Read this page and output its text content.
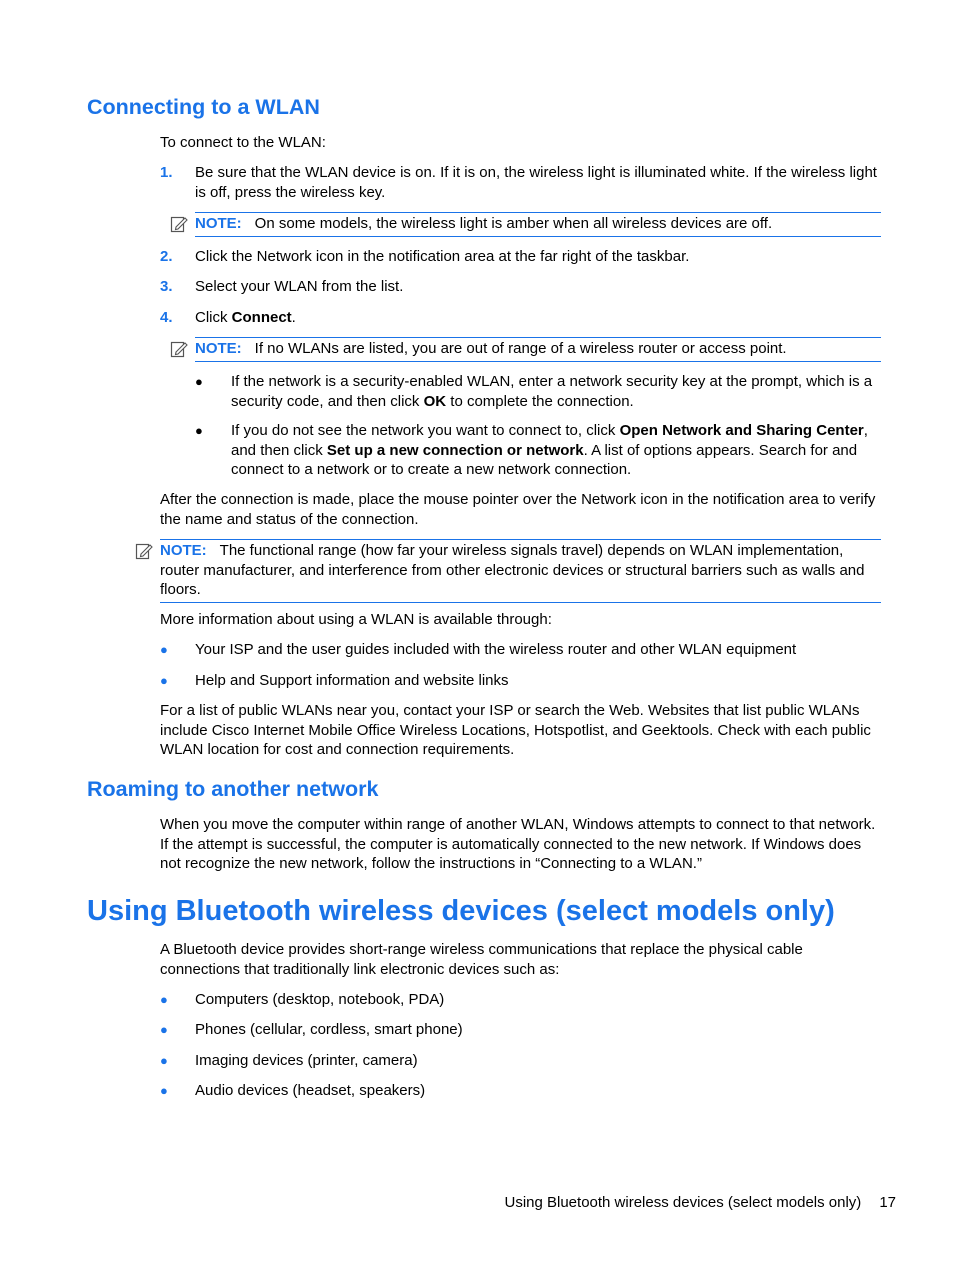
Connecting to a WLAN
To connect to the WLAN:
1.	Be sure that the WLAN device is on. If it is on, the wireless light is illuminated white. If the wireless light is off, press the wireless key.
NOTE: On some models, the wireless light is amber when all wireless devices are off.
2.	Click the Network icon in the notification area at the far right of the taskbar.
3.	Select your WLAN from the list.
4.	Click Connect.
NOTE: If no WLANs are listed, you are out of range of a wireless router or access point.
●	If the network is a security-enabled WLAN, enter a network security key at the prompt, which is a security code, and then click OK to complete the connection.
●	If you do not see the network you want to connect to, click Open Network and Sharing Center, and then click Set up a new connection or network. A list of options appears. Search for and connect to a network or to create a new network connection.
After the connection is made, place the mouse pointer over the Network icon in the notification area to verify the name and status of the connection.
NOTE: The functional range (how far your wireless signals travel) depends on WLAN implementation, router manufacturer, and interference from other electronic devices or structural barriers such as walls and floors.
More information about using a WLAN is available through:
●	Your ISP and the user guides included with the wireless router and other WLAN equipment
●	Help and Support information and website links
For a list of public WLANs near you, contact your ISP or search the Web. Websites that list public WLANs include Cisco Internet Mobile Office Wireless Locations, Hotspotlist, and Geektools. Check with each public WLAN location for cost and connection requirements.
Roaming to another network
When you move the computer within range of another WLAN, Windows attempts to connect to that network. If the attempt is successful, the computer is automatically connected to the new network. If Windows does not recognize the new network, follow the instructions in “Connecting to a WLAN.”
Using Bluetooth wireless devices (select models only)
A Bluetooth device provides short-range wireless communications that replace the physical cable connections that traditionally link electronic devices such as:
●	Computers (desktop, notebook, PDA)
●	Phones (cellular, cordless, smart phone)
●	Imaging devices (printer, camera)
●	Audio devices (headset, speakers)
Using Bluetooth wireless devices (select models only) 17
